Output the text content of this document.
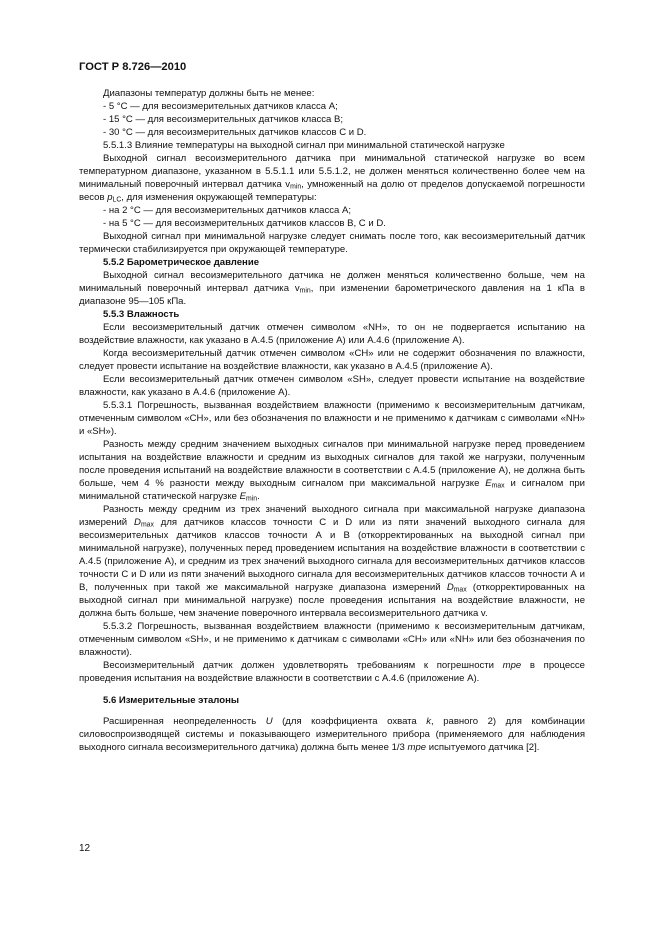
ГОСТ Р 8.726—2010

Диапазоны температур должны быть не менее:

- 5 °C — для весоизмерительных датчиков класса А;

- 15 °C — для весоизмерительных датчиков класса В;

- 30 °C — для весоизмерительных датчиков классов С и D.

5.5.1.3 Влияние температуры на выходной сигнал при минимальной статической нагрузке

Выходной сигнал весоизмерительного датчика при минимальной статической нагрузке во всем температурном диапазоне, указанном в 5.5.1.1 или 5.5.1.2, не должен меняться количественно более чем на минимальный поверочный интервал датчика $v_{min}$, умноженный на долю от пределов допускаемой погрешности весов $p_{LC}$, для изменения окружающей температуры:

- на 2 °C — для весоизмерительных датчиков класса А;

- на 5 °C — для весоизмерительных датчиков классов В, С и D.

Выходной сигнал при минимальной нагрузке следует снимать после того, как весоизмерительный датчик термически стабилизируется при окружающей температуре.

5.5.2 Барометрическое давление

Выходной сигнал весоизмерительного датчика не должен меняться количественно больше, чем на минимальный поверочный интервал датчика $v_{min}$, при изменении барометрического давления на 1 кПа в диапазоне 95—105 кПа.

5.5.3 Влажность

Если весоизмерительный датчик отмечен символом «NH», то он не подвергается испытанию на воздействие влажности, как указано в А.4.5 (приложение А) или А.4.6 (приложение А).

Когда весоизмерительный датчик отмечен символом «СН» или не содержит обозначения по влажности, следует провести испытание на воздействие влажности, как указано в А.4.5 (приложение А).

Если весоизмерительный датчик отмечен символом «SH», следует провести испытание на воздействие влажности, как указано в А.4.6 (приложение А).

5.5.3.1 Погрешность, вызванная воздействием влажности (применимо к весоизмерительным датчикам, отмеченным символом «СН», или без обозначения по влажности и не применимо к датчикам с символами «NH» и «SH»).

Разность между средним значением выходных сигналов при минимальной нагрузке перед проведением испытания на воздействие влажности и средним из выходных сигналов для такой же нагрузки, полученным после проведения испытаний на воздействие влажности в соответствии с А.4.5 (приложение А), не должна быть больше, чем 4 % разности между выходным сигналом при максимальной нагрузке $E_{max}$ и сигналом при минимальной статической нагрузке $E_{min}$.

Разность между средним из трех значений выходного сигнала при максимальной нагрузке диапазона измерений $D_{max}$ для датчиков классов точности С и D или из пяти значений выходного сигнала для весоизмерительных датчиков классов точности А и В (откорректированных на выходной сигнал при минимальной нагрузке), полученных перед проведением испытания на воздействие влажности в соответствии с А.4.5 (приложение А), и средним из трех значений выходного сигнала для весоизмерительных датчиков классов точности С и D или из пяти значений выходного сигнала для весоизмерительных датчиков классов точности А и В, полученных при такой же максимальной нагрузке диапазона измерений $D_{max}$ (откорректированных на выходной сигнал при минимальной нагрузке) после проведения испытания на воздействие влажности, не должна быть больше, чем значение поверочного интервала весоизмерительного датчика v.

5.5.3.2 Погрешность, вызванная воздействием влажности (применимо к весоизмерительным датчикам, отмеченным символом «SH», и не применимо к датчикам с символами «СН» или «NH» или без обозначения по влажности).

Весоизмерительный датчик должен удовлетворять требованиям к погрешности mpe в процессе проведения испытания на воздействие влажности в соответствии с А.4.6 (приложение А).

5.6 Измерительные эталоны

Расширенная неопределенность U (для коэффициента охвата k, равного 2) для комбинации силовоспроизводящей системы и показывающего измерительного прибора (применяемого для наблюдения выходного сигнала весоизмерительного датчика) должна быть менее 1/3 mpe испытуемого датчика [2].

12
